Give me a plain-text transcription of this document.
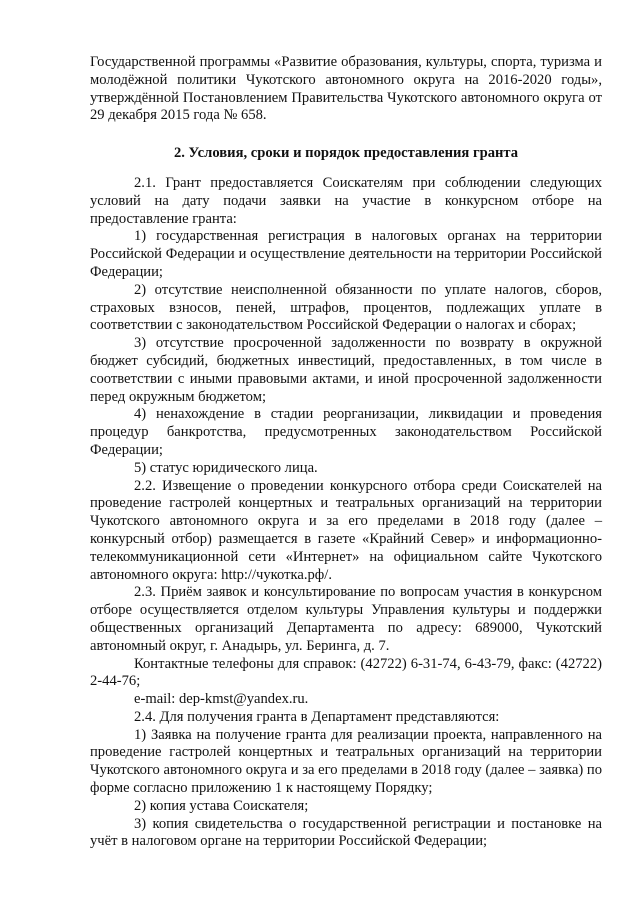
Государственной программы «Развитие образования, культуры, спорта, туризма и молодёжной политики Чукотского автономного округа на 2016-2020 годы», утверждённой Постановлением Правительства Чукотского автономного округа от 29 декабря 2015 года № 658.

2. Условия, сроки и порядок предоставления гранта

2.1. Грант предоставляется Соискателям при соблюдении следующих условий на дату подачи заявки на участие в конкурсном отборе на предоставление гранта:

1) государственная регистрация в налоговых органах на территории Российской Федерации и осуществление деятельности на территории Российской Федерации;

2) отсутствие неисполненной обязанности по уплате налогов, сборов, страховых взносов, пеней, штрафов, процентов, подлежащих уплате в соответствии с законодательством Российской Федерации о налогах и сборах;

3) отсутствие просроченной задолженности по возврату в окружной бюджет субсидий, бюджетных инвестиций, предоставленных, в том числе в соответствии с иными правовыми актами, и иной просроченной задолженности перед окружным бюджетом;

4) ненахождение в стадии реорганизации, ликвидации и проведения процедур банкротства, предусмотренных законодательством Российской Федерации;

5) статус юридического лица.

2.2. Извещение о проведении конкурсного отбора среди Соискателей на проведение гастролей концертных и театральных организаций на территории Чукотского автономного округа и за его пределами в 2018 году (далее – конкурсный отбор) размещается в газете «Крайний Север» и информационно-телекоммуникационной сети «Интернет» на официальном сайте Чукотского автономного округа: http://чукотка.рф/.

2.3. Приём заявок и консультирование по вопросам участия в конкурсном отборе осуществляется отделом культуры Управления культуры и поддержки общественных организаций Департамента по адресу: 689000, Чукотский автономный округ, г. Анадырь, ул. Беринга, д. 7.

Контактные телефоны для справок: (42722) 6-31-74, 6-43-79, факс: (42722) 2-44-76;

e-mail: dep-kmst@yandex.ru.

2.4. Для получения гранта в Департамент представляются:

1) Заявка на получение гранта для реализации проекта, направленного на проведение гастролей концертных и театральных организаций на территории Чукотского автономного округа и за его пределами в 2018 году (далее – заявка) по форме согласно приложению 1 к настоящему Порядку;

2) копия устава Соискателя;

3) копия свидетельства о государственной регистрации и постановке на учёт в налоговом органе на территории Российской Федерации;
